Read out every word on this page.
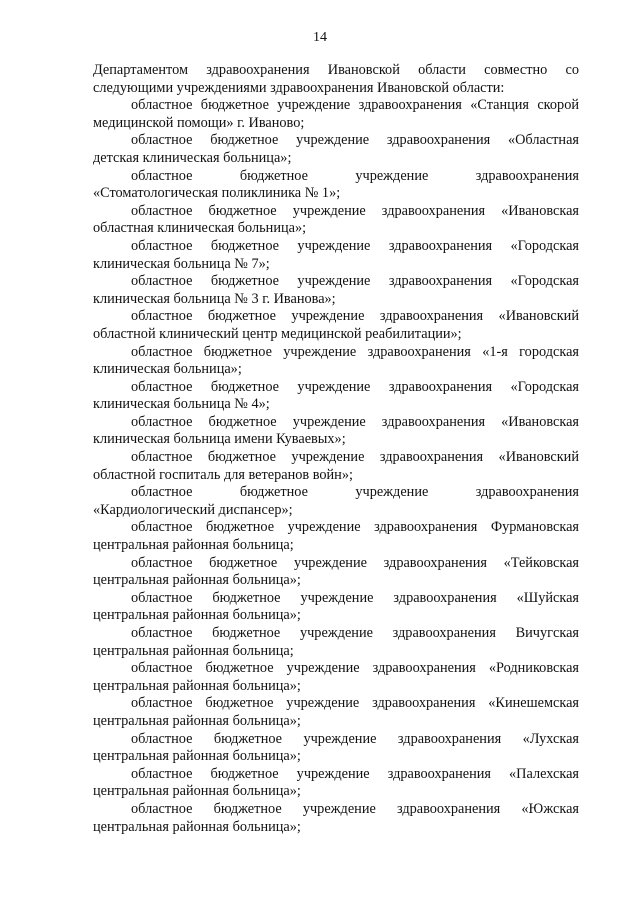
14

Департаментом здравоохранения Ивановской области совместно со
следующими учреждениями здравоохранения Ивановской области:

областное бюджетное учреждение здравоохранения «Станция скорой
медицинской помощи» г. Иваново;

областное бюджетное учреждение здравоохранения «Областная
детская клиническая больница»;

областное бюджетное учреждение здравоохранения
«Стоматологическая поликлиника № 1»;

областное бюджетное учреждение здравоохранения «Ивановская
областная клиническая больница»;

областное бюджетное учреждение здравоохранения «Городская
клиническая больница № 7»;

областное бюджетное учреждение здравоохранения «Городская
клиническая больница № 3 г. Иванова»;

областное бюджетное учреждение здравоохранения «Ивановский
областной клинический центр медицинской реабилитации»;

областное бюджетное учреждение здравоохранения «1-я городская
клиническая больница»;

областное бюджетное учреждение здравоохранения «Городская
клиническая больница № 4»;

областное бюджетное учреждение здравоохранения «Ивановская
клиническая больница имени Куваевых»;

областное бюджетное учреждение здравоохранения «Ивановский
областной госпиталь для ветеранов войн»;

областное бюджетное учреждение здравоохранения
«Кардиологический диспансер»;

областное бюджетное учреждение здравоохранения Фурмановская
центральная районная больница;

областное бюджетное учреждение здравоохранения «Тейковская
центральная районная больница»;

областное бюджетное учреждение здравоохранения «Шуйская
центральная районная больница»;

областное бюджетное учреждение здравоохранения Вичугская
центральная районная больница;

областное бюджетное учреждение здравоохранения «Родниковская
центральная районная больница»;

областное бюджетное учреждение здравоохранения «Кинешемская
центральная районная больница»;

областное бюджетное учреждение здравоохранения «Лухская
центральная районная больница»;

областное бюджетное учреждение здравоохранения «Палехская
центральная районная больница»;

областное бюджетное учреждение здравоохранения «Южская
центральная районная больница»;
